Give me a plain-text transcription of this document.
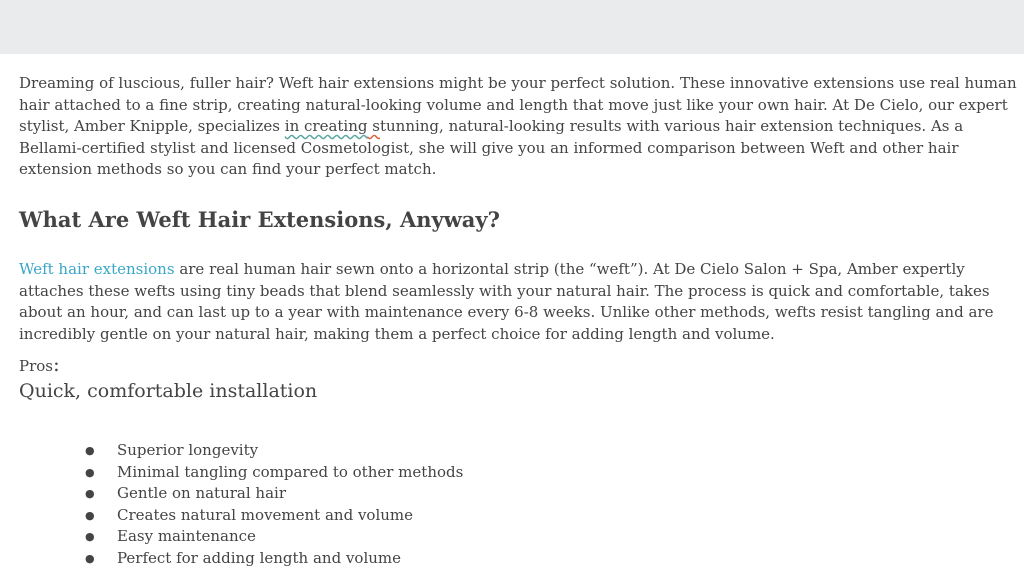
Dreaming of luscious, fuller hair? Weft hair extensions might be your perfect solution. These innovative extensions use real human hair attached to a fine strip, creating natural-looking volume and length that move just like your own hair. At De Cielo, our expert stylist, Amber Knipple, specializes in creating stunning, natural-looking results with various hair extension techniques. As a Bellami-certified stylist and licensed Cosmetologist, she will give you an informed comparison between Weft and other hair extension methods so you can find your perfect match.

What Are Weft Hair Extensions, Anyway?

Weft hair extensions are real human hair sewn onto a horizontal strip (the “weft”). At De Cielo Salon + Spa, Amber expertly attaches these wefts using tiny beads that blend seamlessly with your natural hair. The process is quick and comfortable, takes about an hour, and can last up to a year with maintenance every 6-8 weeks. Unlike other methods, wefts resist tangling and are incredibly gentle on your natural hair, making them a perfect choice for adding length and volume.

Pros:
Quick, comfortable installation
● Superior longevity
● Minimal tangling compared to other methods
● Gentle on natural hair
● Creates natural movement and volume
● Easy maintenance
● Perfect for adding length and volume
